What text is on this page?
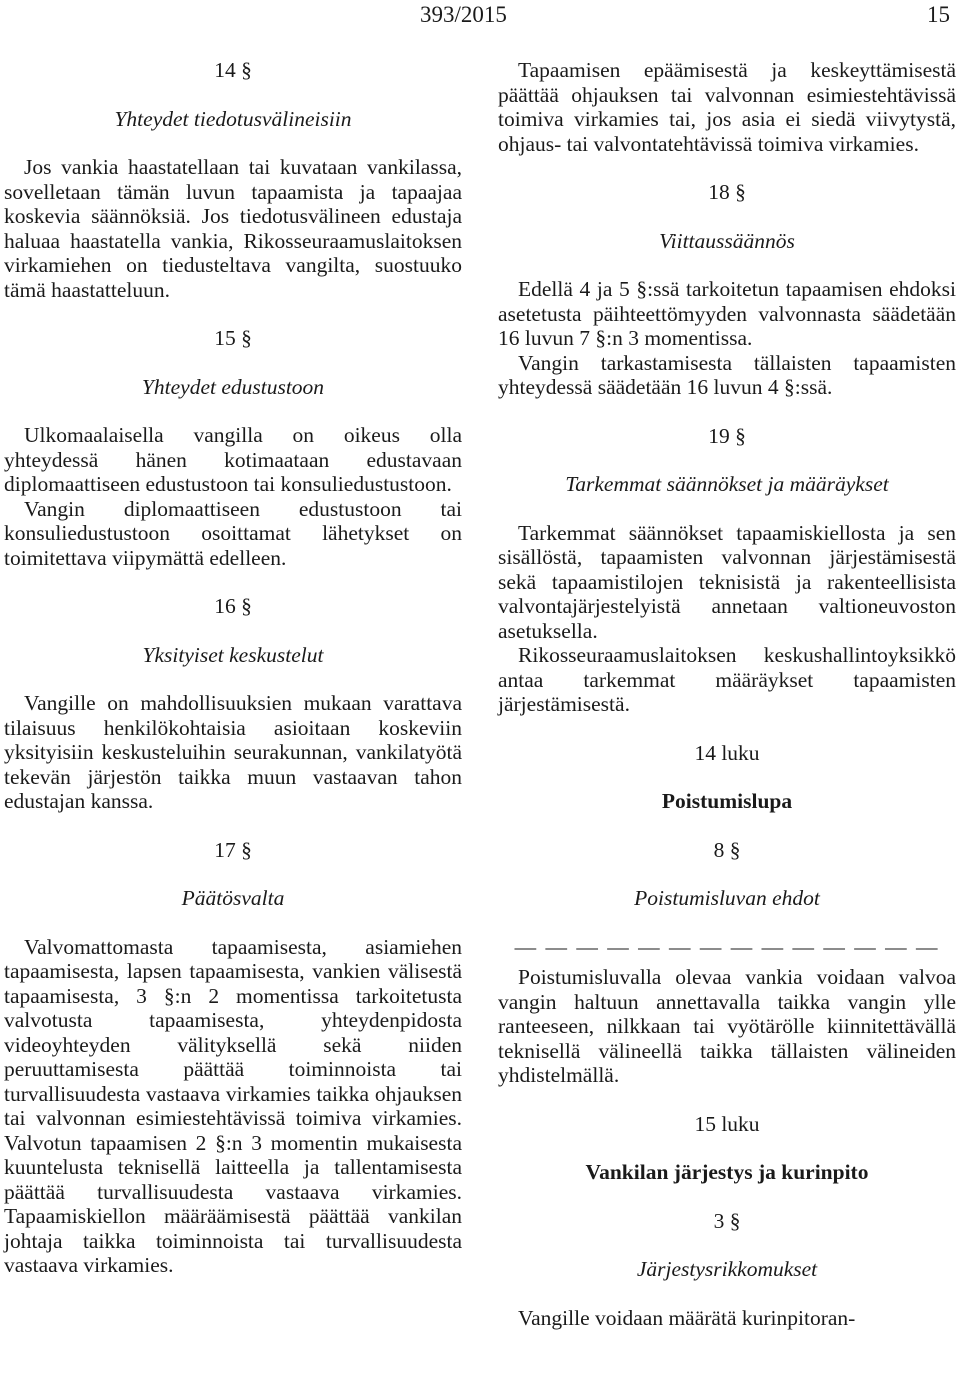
393/2015	15
14 §
Yhteydet tiedotusvälineisiin

Jos vankia haastatellaan tai kuvataan vankilassa, sovelletaan tämän luvun tapaamista ja tapaajaa koskevia säännöksiä. Jos tiedotusvälineen edustaja haluaa haastatella vankia, Rikosseuraamuslaitoksen virkamiehen on tiedusteltava vangilta, suostuuko tämä haastatteluun.

15 §
Yhteydet edustustoon

Ulkomaalaisella vangilla on oikeus olla yhteydessä hänen kotimaataan edustavaan diplomaattiseen edustustoon tai konsuliedustustoon.

Vangin diplomaattiseen edustustoon tai konsuliedustustoon osoittamat lähetykset on toimitettava viipymättä edelleen.

16 §
Yksityiset keskustelut

Vangille on mahdollisuuksien mukaan varattava tilaisuus henkilökohtaisia asioitaan koskeviin yksityisiin keskusteluihin seurakunnan, vankilatyötä tekevän järjestön taikka muun vastaavan tahon edustajan kanssa.

17 §
Päätösvalta

Valvomattomasta tapaamisesta, asiamiehen tapaamisesta, lapsen tapaamisesta, vankien välisestä tapaamisesta, 3 §:n 2 momentissa tarkoitetusta valvotusta tapaamisesta, yhteydenpidosta videoyhteyden välityksellä sekä niiden peruuttamisesta päättää toiminnoista tai turvallisuudesta vastaava virkamies taikka ohjauksen tai valvonnan esimiestehtävissä toimiva virkamies. Valvotun tapaamisen 2 §:n 3 momentin mukaisesta kuuntelusta teknisellä laitteella ja tallentamisesta päättää turvallisuudesta vastaava virkamies. Tapaamiskiellon määräämisestä päättää vankilan johtaja taikka toiminnoista tai turvallisuudesta vastaava virkamies.

Tapaamisen epäämisestä ja keskeyttämisestä päättää ohjauksen tai valvonnan esimiestehtävissä toimiva virkamies tai, jos asia ei siedä viivytystä, ohjaus- tai valvontatehtävissä toimiva virkamies.

18 §
Viittaussäännös

Edellä 4 ja 5 §:ssä tarkoitetun tapaamisen ehdoksi asetetusta päihteettömyyden valvonnasta säädetään 16 luvun 7 §:n 3 momentissa.

Vangin tarkastamisesta tällaisten tapaamisten yhteydessä säädetään 16 luvun 4 §:ssä.

19 §
Tarkemmat säännökset ja määräykset

Tarkemmat säännökset tapaamiskiellosta ja sen sisällöstä, tapaamisten valvonnan järjestämisestä sekä tapaamistilojen teknisistä ja rakenteellisista valvontajärjestelyistä annetaan valtioneuvoston asetuksella.

Rikosseuraamuslaitoksen keskushallintoyksikkö antaa tarkemmat määräykset tapaamisten järjestämisestä.

14 luku
Poistumislupa
8 §
Poistumisluvan ehdot
— — — — — — — — — — — — — —

Poistumisluvalla olevaa vankia voidaan valvoa vangin haltuun annettavalla taikka vangin ylle ranteeseen, nilkkaan tai vyötärölle kiinnitettävällä teknisellä välineellä taikka tällaisten välineiden yhdistelmällä.

15 luku
Vankilan järjestys ja kurinpito
3 §
Järjestysrikkomukset

Vangille voidaan määrätä kurinpitoran-
